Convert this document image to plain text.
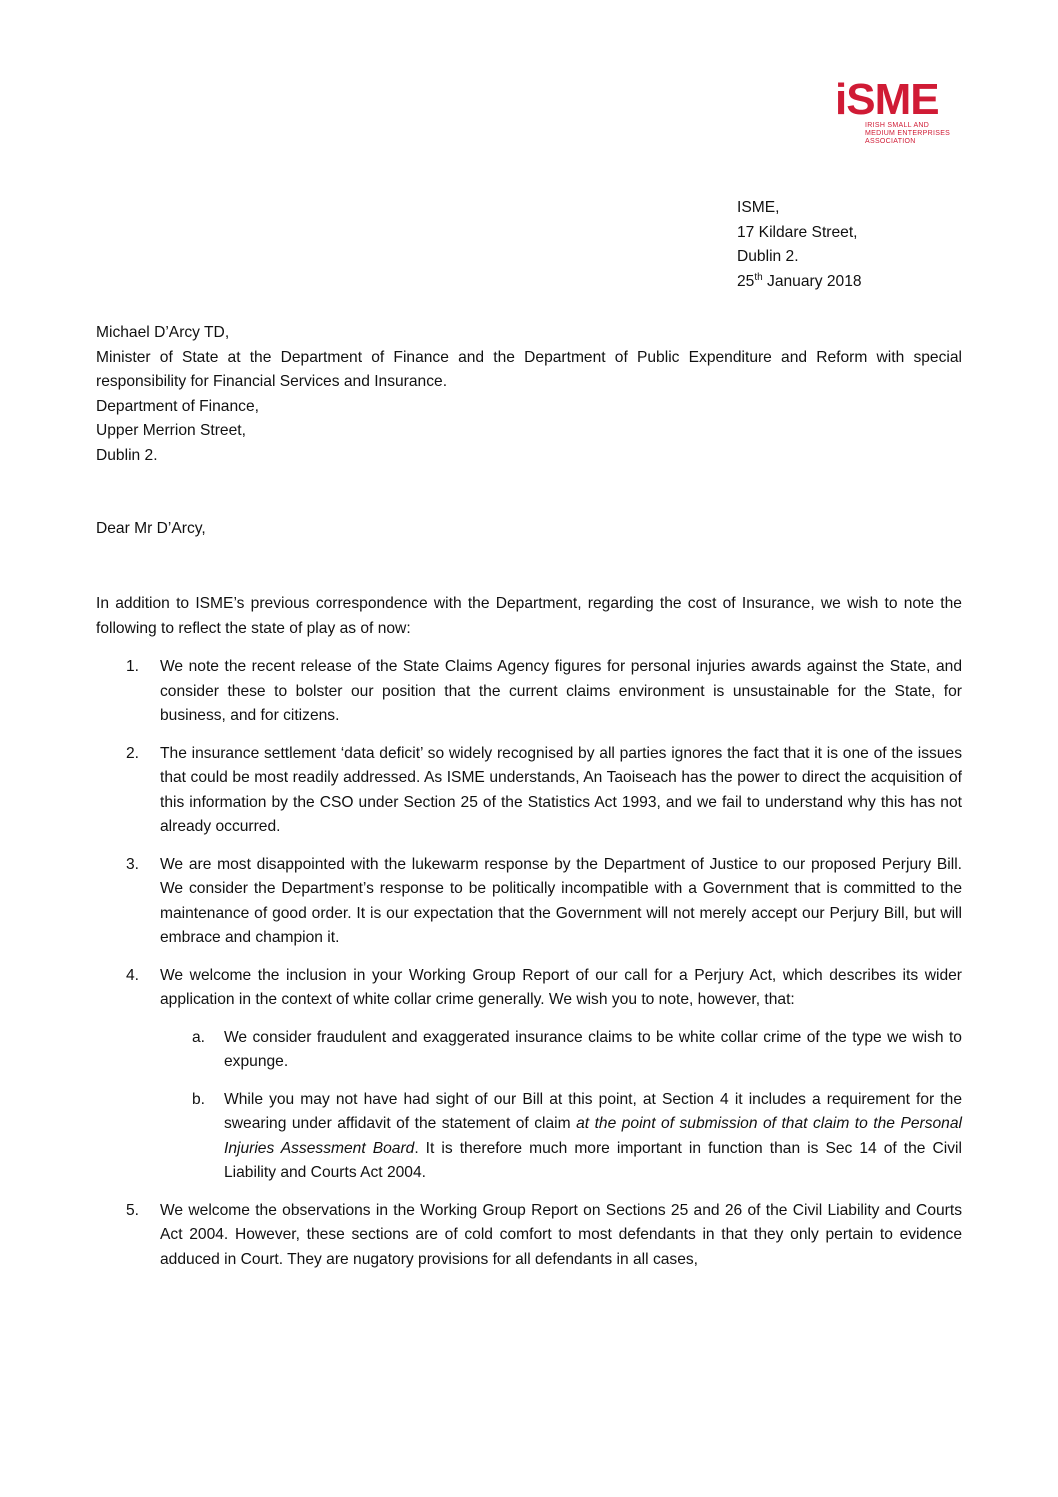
iSME
IRISH SMALL AND MEDIUM ENTERPRISES ASSOCIATION
ISME,
17 Kildare Street,
Dublin 2.
25th January 2018
Michael D’Arcy TD,
Minister of State at the Department of Finance and the Department of Public Expenditure and Reform with special responsibility for Financial Services and Insurance.
Department of Finance,
Upper Merrion Street,
Dublin 2.
Dear Mr D’Arcy,
In addition to ISME’s previous correspondence with the Department, regarding the cost of Insurance, we wish to note the following to reflect the state of play as of now:
1. We note the recent release of the State Claims Agency figures for personal injuries awards against the State, and consider these to bolster our position that the current claims environment is unsustainable for the State, for business, and for citizens.
2. The insurance settlement ‘data deficit’ so widely recognised by all parties ignores the fact that it is one of the issues that could be most readily addressed. As ISME understands, An Taoiseach has the power to direct the acquisition of this information by the CSO under Section 25 of the Statistics Act 1993, and we fail to understand why this has not already occurred.
3. We are most disappointed with the lukewarm response by the Department of Justice to our proposed Perjury Bill. We consider the Department’s response to be politically incompatible with a Government that is committed to the maintenance of good order. It is our expectation that the Government will not merely accept our Perjury Bill, but will embrace and champion it.
4. We welcome the inclusion in your Working Group Report of our call for a Perjury Act, which describes its wider application in the context of white collar crime generally. We wish you to note, however, that:
a. We consider fraudulent and exaggerated insurance claims to be white collar crime of the type we wish to expunge.
b. While you may not have had sight of our Bill at this point, at Section 4 it includes a requirement for the swearing under affidavit of the statement of claim at the point of submission of that claim to the Personal Injuries Assessment Board. It is therefore much more important in function than is Sec 14 of the Civil Liability and Courts Act 2004.
5. We welcome the observations in the Working Group Report on Sections 25 and 26 of the Civil Liability and Courts Act 2004. However, these sections are of cold comfort to most defendants in that they only pertain to evidence adduced in Court. They are nugatory provisions for all defendants in all cases,
